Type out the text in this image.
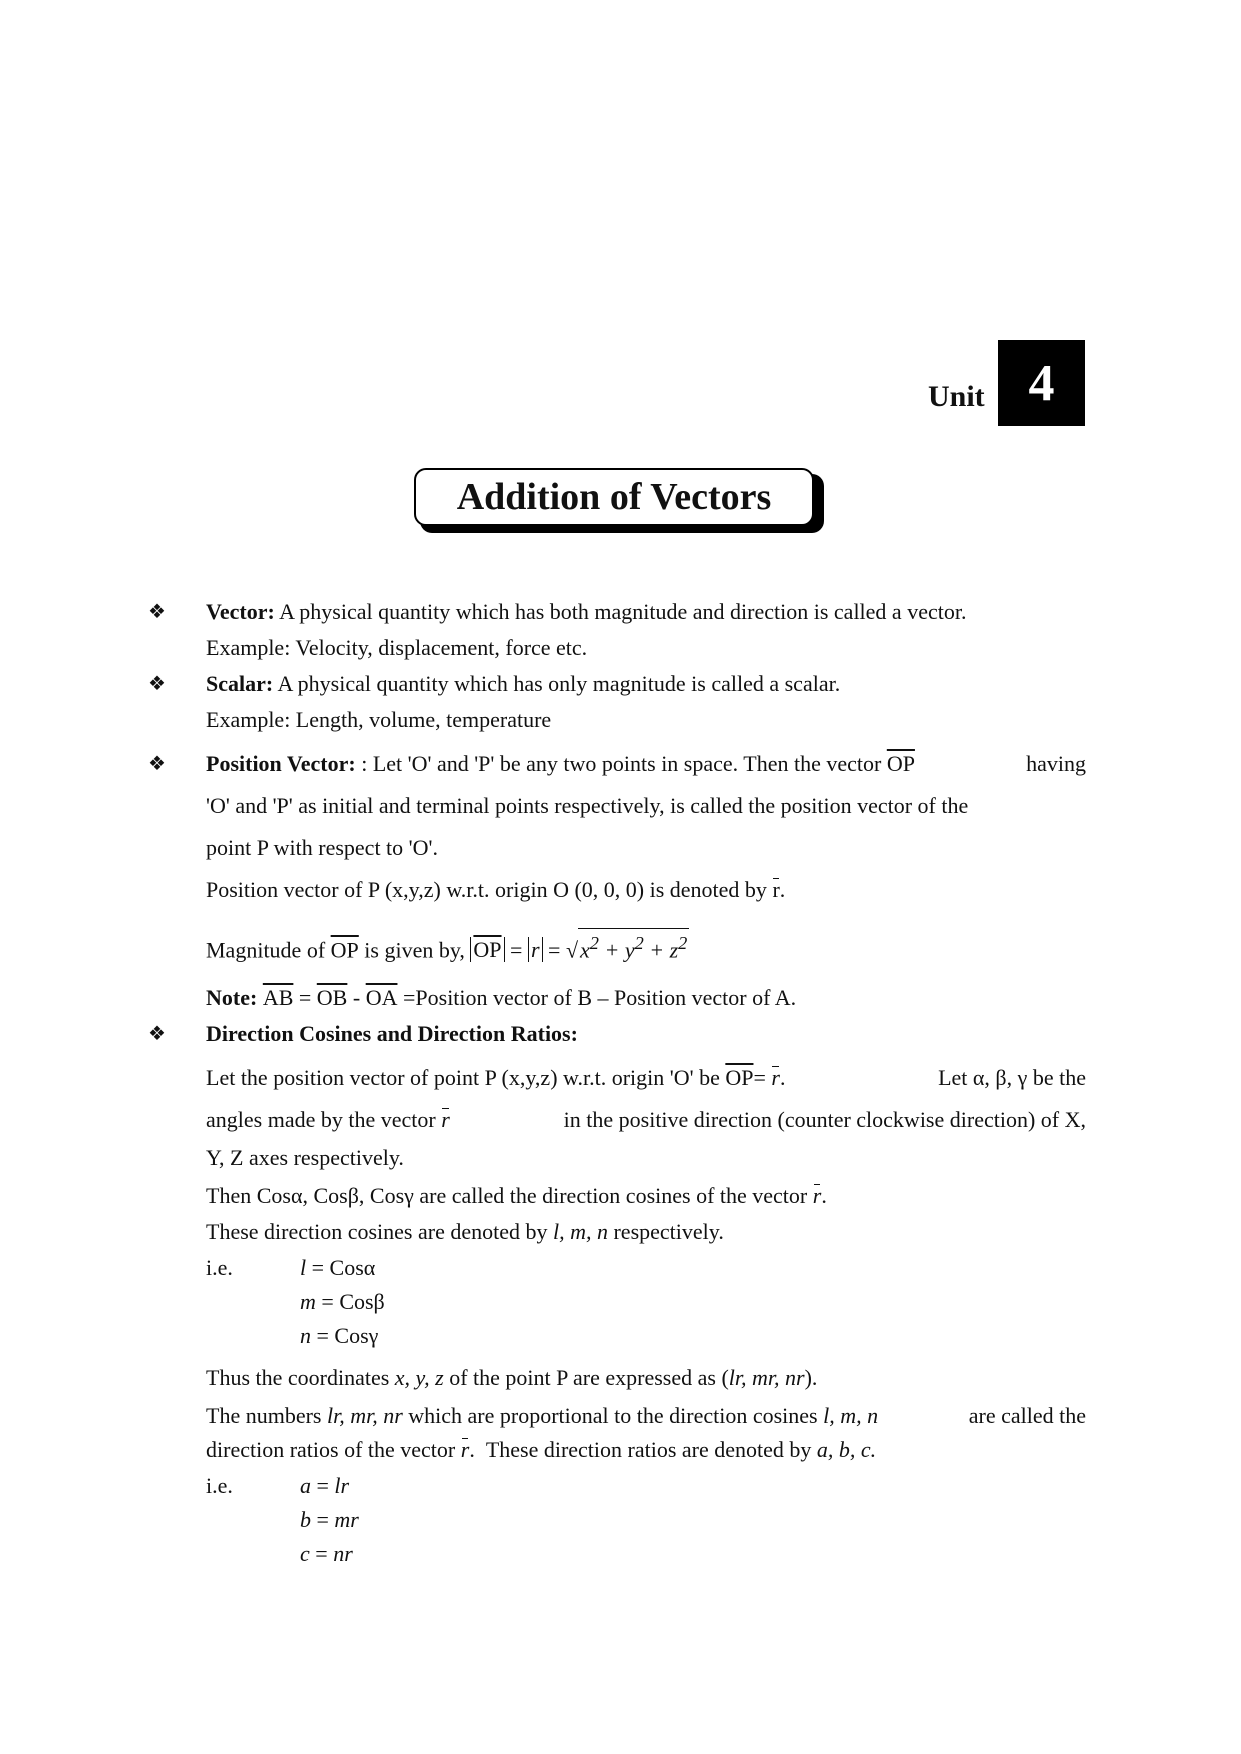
Unit 4
Addition of Vectors
❖ Vector: A physical quantity which has both magnitude and direction is called a vector.
Example: Velocity, displacement, force etc.
❖ Scalar: A physical quantity which has only magnitude is called a scalar.
Example: Length, volume, temperature
❖ Position Vector: : Let 'O' and 'P' be any two points in space. Then the vector $\overline{OP}$	having
'O' and 'P' as initial and terminal points respectively, is called the position vector of the
point P with respect to 'O'.
Position vector of P (x,y,z) w.r.t. origin O (0, 0, 0) is denoted by r.
Magnitude of $\overline{OP}$ is given by, $\overline{OP} = r = √x^2 + y^2 + z^2$
Note: $\overline{AB} = \overline{OB} - \overline{OA}$ =Position vector of B – Position vector of A.
❖ Direction Cosines and Direction Ratios:
Let the position vector of point P (x,y,z) w.r.t. origin 'O' be $\overline{OP}= r$.	Let α, β, γ be the
angles made by the vector r	in the positive direction (counter clockwise direction) of X,
Y, Z axes respectively.
Then Cosα, Cosβ, Cosγ are called the direction cosines of the vector r.
These direction cosines are denoted by l, m, n respectively.
i.e.	l = Cosα
m = Cosβ
n = Cosγ
Thus the coordinates x, y, z of the point P are expressed as (lr, mr, nr).
The numbers lr, mr, nr which are proportional to the direction cosines l, m, n	are called the
direction ratios of the vector r.  These direction ratios are denoted by a, b, c.
i.e.	a = lr
b = mr
c = nr
